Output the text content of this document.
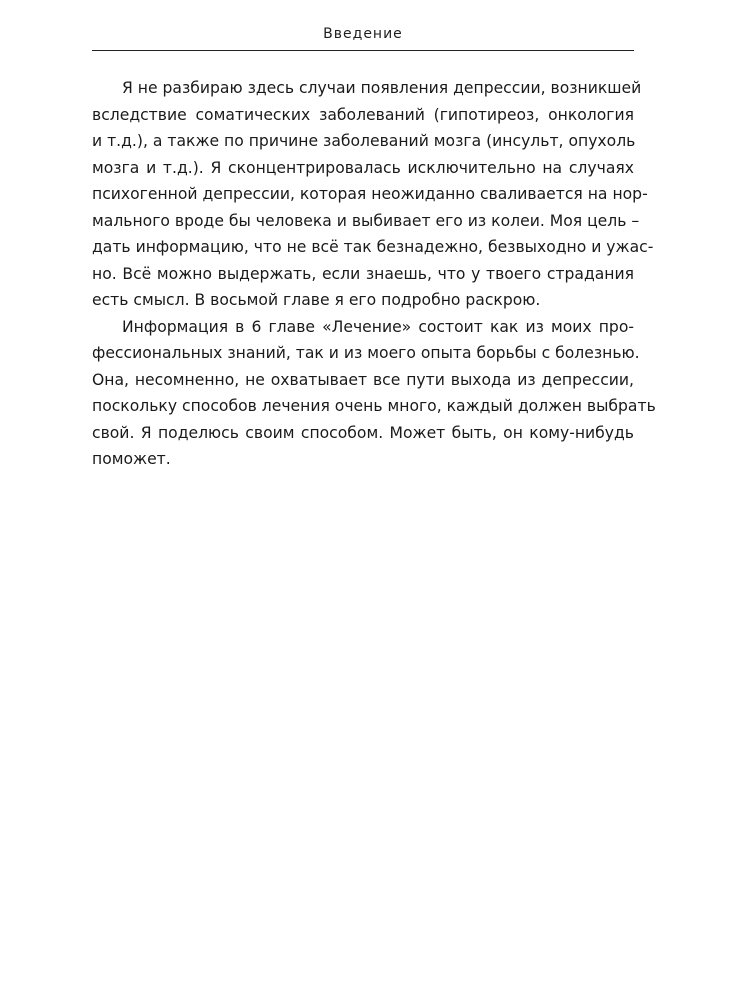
Введение
Я не разбираю здесь случаи появления депрессии, возникшей
вследствие соматических заболеваний (гипотиреоз, онкология
и т.д.), а также по причине заболеваний мозга (инсульт, опухоль
мозга и т.д.). Я сконцентрировалась исключительно на случаях
психогенной депрессии, которая неожиданно сваливается на нор-
мального вроде бы человека и выбивает его из колеи. Моя цель –
дать информацию, что не всё так безнадежно, безвыходно и ужас-
но. Всё можно выдержать, если знаешь, что у твоего страдания
есть смысл. В восьмой главе я его подробно раскрою.
Информация в 6 главе «Лечение» состоит как из моих про-
фессиональных знаний, так и из моего опыта борьбы с болезнью.
Она, несомненно, не охватывает все пути выхода из депрессии,
поскольку способов лечения очень много, каждый должен выбрать
свой. Я поделюсь своим способом. Может быть, он кому-нибудь
поможет.
